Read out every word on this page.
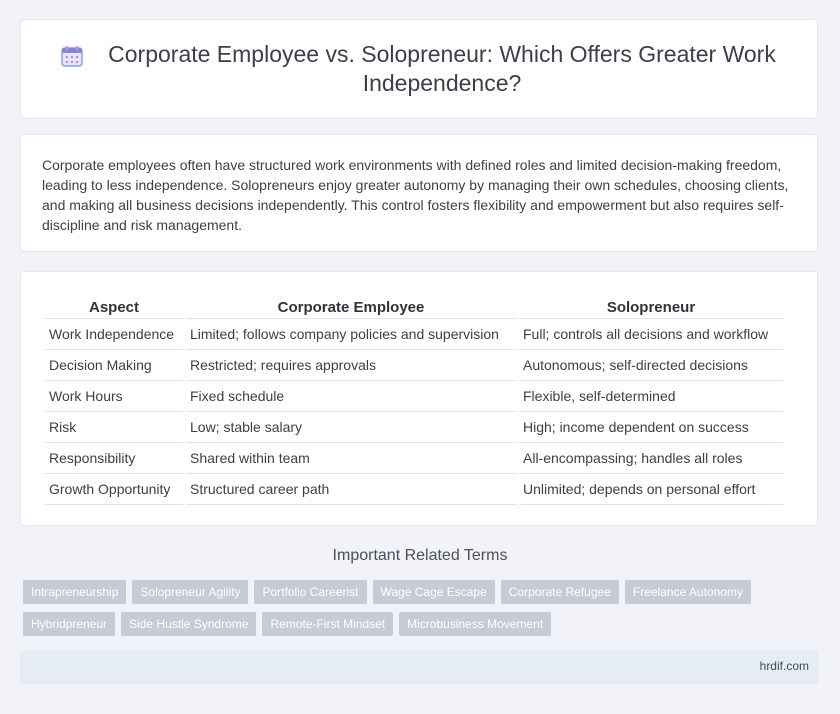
Corporate Employee vs. Solopreneur: Which Offers Greater Work Independence?

Corporate employees often have structured work environments with defined roles and limited decision-making freedom, leading to less independence. Solopreneurs enjoy greater autonomy by managing their own schedules, choosing clients, and making all business decisions independently. This control fosters flexibility and empowerment but also requires self-discipline and risk management.

Aspect	Corporate Employee	Solopreneur
Work Independence	Limited; follows company policies and supervision	Full; controls all decisions and workflow
Decision Making	Restricted; requires approvals	Autonomous; self-directed decisions
Work Hours	Fixed schedule	Flexible, self-determined
Risk	Low; stable salary	High; income dependent on success
Responsibility	Shared within team	All-encompassing; handles all roles
Growth Opportunity	Structured career path	Unlimited; depends on personal effort
Important Related Terms
Intrapreneurship	Solopreneur Agility	Portfolio Careerist	Wage Cage Escape	Corporate Refugee	Freelance Autonomy
Hybridpreneur	Side Hustle Syndrome	Remote-First Mindset	Microbusiness Movement
hrdif.com
